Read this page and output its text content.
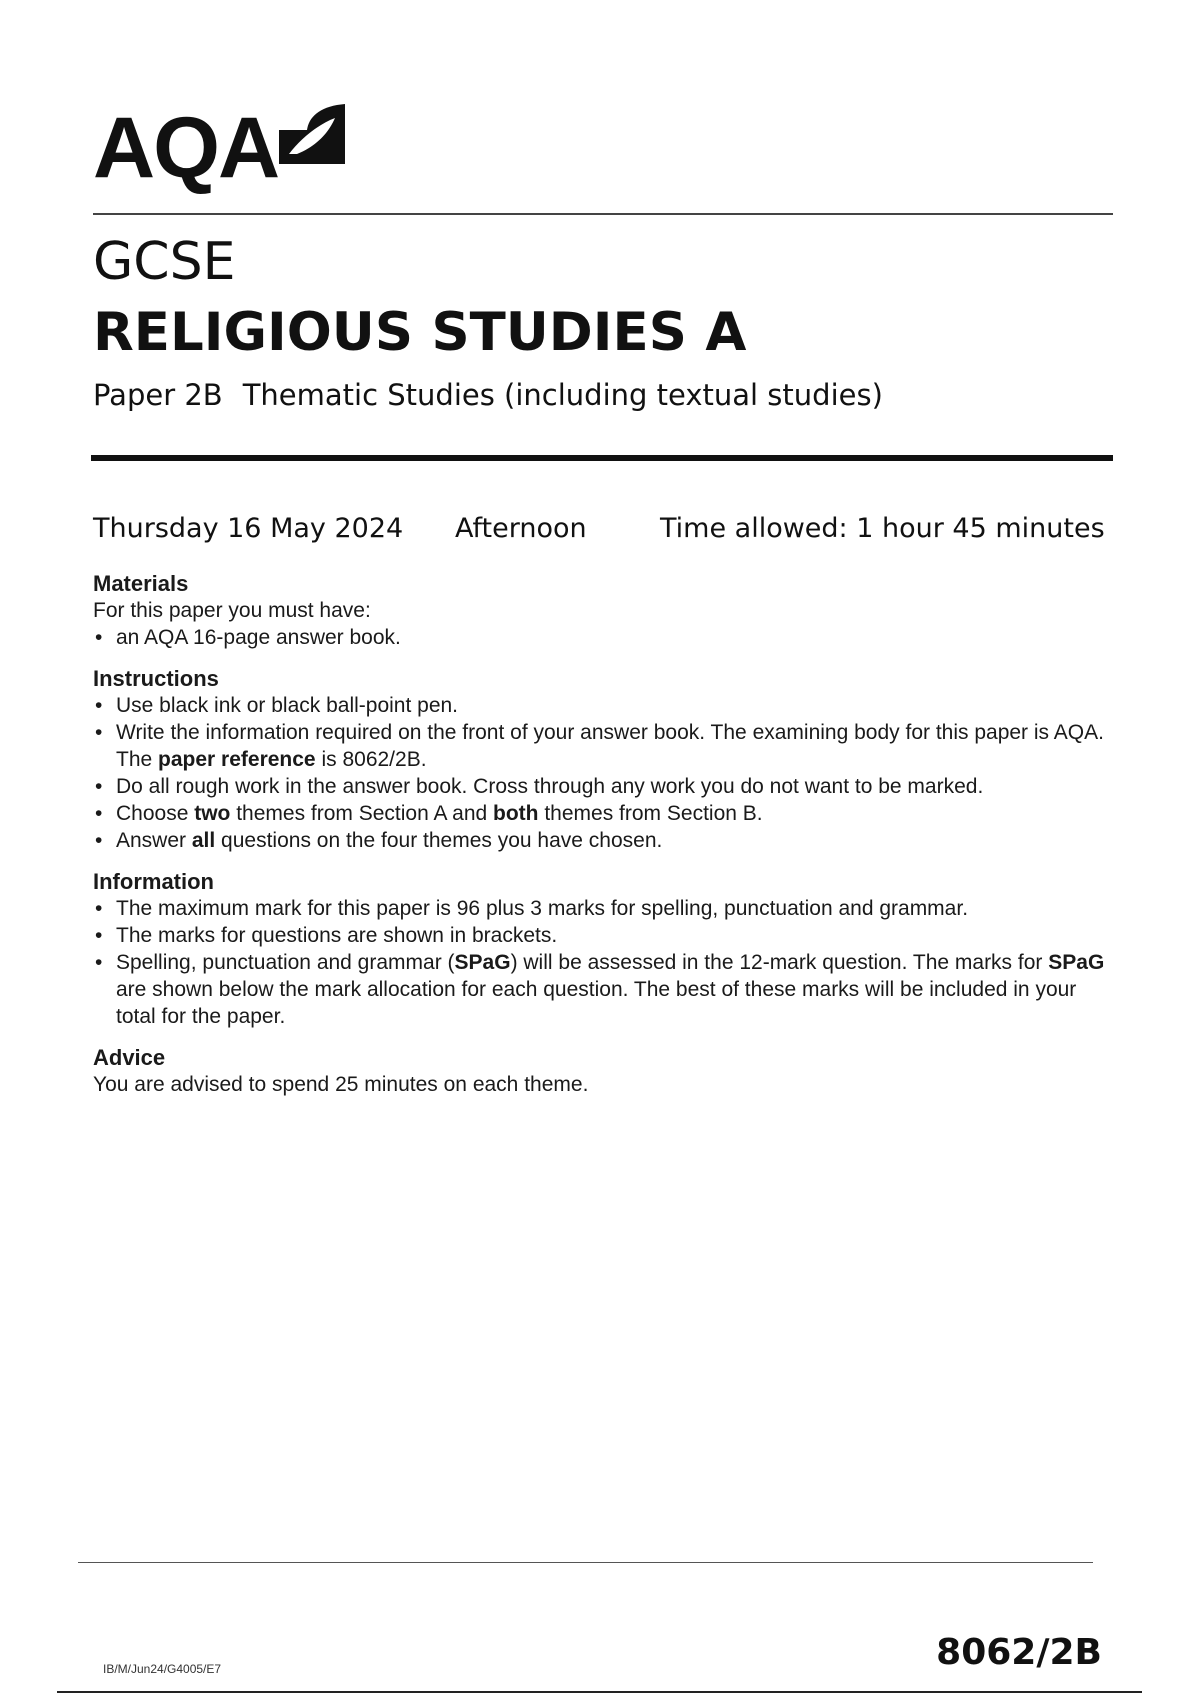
AQA
GCSE
RELIGIOUS STUDIES A
Paper 2B Thematic Studies (including textual studies)
Thursday 16 May 2024 Afternoon	Time allowed: 1 hour 45 minutes

Materials

For this paper you must have:

• an AQA 16-page answer book.

Instructions

• Use black ink or black ball-point pen.
• Write the information required on the front of your answer book. The examining body for this paper is AQA. The paper reference is 8062/2B.
• Do all rough work in the answer book. Cross through any work you do not want to be marked.
• Choose two themes from Section A and both themes from Section B.
• Answer all questions on the four themes you have chosen.

Information

• The maximum mark for this paper is 96 plus 3 marks for spelling, punctuation and grammar.
• The marks for questions are shown in brackets.
• Spelling, punctuation and grammar (SPaG) will be assessed in the 12-mark question. The marks for SPaG are shown below the mark allocation for each question. The best of these marks will be included in your total for the paper.

Advice

You are advised to spend 25 minutes on each theme.

IB/M/Jun24/G4005/E7	8062/2B
